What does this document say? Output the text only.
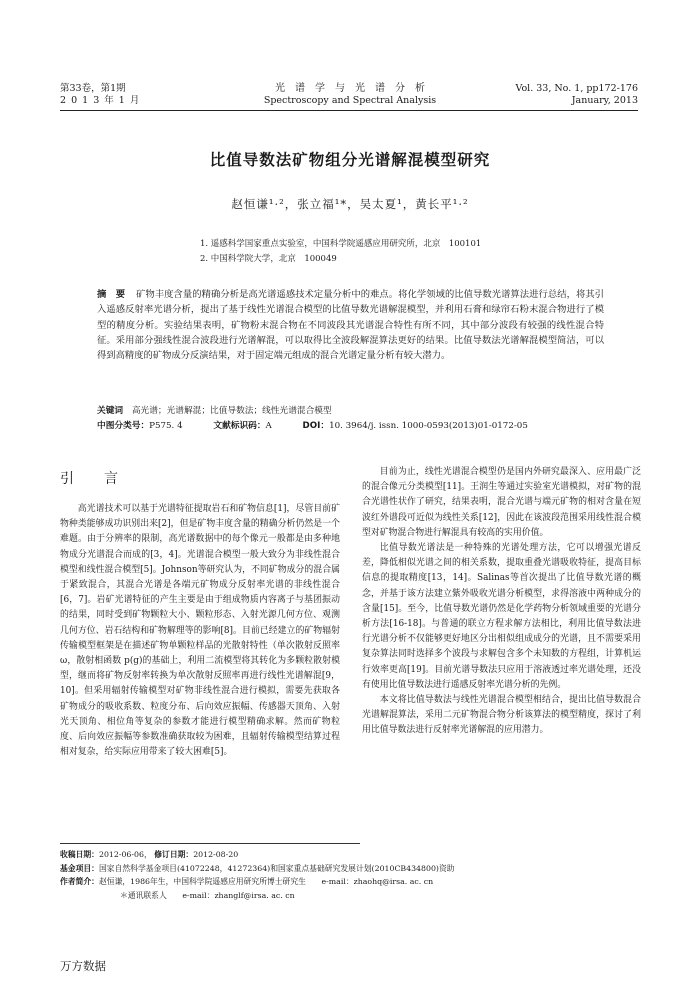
第33卷，第1期
2 0 1 3 年 1 月
光　谱　学　与　光　谱　分　析
Spectroscopy and Spectral Analysis
Vol. 33, No. 1, pp172-176
January, 2013
比值导数法矿物组分光谱解混模型研究
赵恒谦¹·²，张立福¹*，吴太夏¹，黄长平¹·²
1. 遥感科学国家重点实验室，中国科学院遥感应用研究所，北京　100101
2. 中国科学院大学，北京　100049
摘　要 矿物丰度含量的精确分析是高光谱遥感技术定量分析中的难点。将化学领域的比值导数光谱算法进行总结，将其引入遥感反射率光谱分析，提出了基于线性光谱混合模型的比值导数光谱解混模型，并利用石膏和绿帘石粉末混合物进行了模型的精度分析。实验结果表明，矿物粉末混合物在不同波段其光谱混合特性有所不同，其中部分波段有较强的线性混合特征。采用部分强线性混合波段进行光谱解混，可以取得比全波段解混算法更好的结果。比值导数法光谱解混模型简洁，可以得到高精度的矿物成分反演结果，对于固定端元组成的混合光谱定量分析有较大潜力。
关键词 高光谱；光谱解混；比值导数法；线性光谱混合模型
中图分类号：P575. 4	文献标识码：A	DOI：10. 3964/j. issn. 1000-0593(2013)01-0172-05
引　言

高光谱技术可以基于光谱特征提取岩石和矿物信息[1]，尽管目前矿物种类能够成功识别出来[2]，但是矿物丰度含量的精确分析仍然是一个难题。由于分辨率的限制，高光谱数据中的每个像元一般都是由多种地物成分光谱混合而成的[3，4]。光谱混合模型一般大致分为非线性混合模型和线性混合模型[5]。Johnson等研究认为，不同矿物成分的混合属于紧致混合，其混合光谱是各端元矿物成分反射率光谱的非线性混合[6，7]。岩矿光谱特征的产生主要是由于组成物质内容离子与基团振动的结果，同时受到矿物颗粒大小、颗粒形态、入射光源几何方位、观测几何方位、岩石结构和矿物解理等的影响[8]。目前已经建立的矿物辐射传输模型框架是在描述矿物单颗粒样品的光散射特性（单次散射反照率 ω，散射相函数 p(g)的基础上，利用二流模型将其转化为多颗粒散射模型，继而将矿物反射率转换为单次散射反照率再进行线性光谱解混[9，10]。但采用辐射传输模型对矿物非线性混合进行模拟，需要先获取各矿物成分的吸收系数、粒度分布、后向效应振幅、传感器天顶角、入射光天顶角、相位角等复杂的参数才能进行模型精确求解。然而矿物粒度、后向效应振幅等参数准确获取较为困难，且辐射传输模型结算过程相对复杂，给实际应用带来了较大困难[5]。

目前为止，线性光谱混合模型仍是国内外研究最深入、应用最广泛的混合像元分类模型[11]。王润生等通过实验室光谱模拟，对矿物的混合光谱性状作了研究，结果表明，混合光谱与端元矿物的相对含量在短波红外谱段可近似为线性关系[12]，因此在该波段范围采用线性混合模型对矿物混合物进行解混具有较高的实用价值。

比值导数光谱法是一种特殊的光谱处理方法，它可以增强光谱反差，降低相似光谱之间的相关系数，提取重叠光谱吸收特征，提高目标信息的提取精度[13，14]。Salinas等首次提出了比值导数光谱的概念，并基于该方法建立紫外吸收光谱分析模型，求得溶液中两种成分的含量[15]。至今，比值导数光谱仍然是化学药物分析领域重要的光谱分析方法[16-18]。与普通的联立方程求解方法相比，利用比值导数法进行光谱分析不仅能够更好地区分出相似组成成分的光谱，且不需要采用复杂算法同时选择多个波段与求解包含多个未知数的方程组，计算机运行效率更高[19]。目前光谱导数法只应用于溶液透过率光谱处理，还没有使用比值导数法进行遥感反射率光谱分析的先例。

本文将比值导数法与线性光谱混合模型相结合，提出比值导数混合光谱解混算法，采用二元矿物混合物分析该算法的模型精度，探讨了利用比值导数法进行反射率光谱解混的应用潜力。

收稿日期：2012-06-06， 修订日期：2012-08-20
基金项目：国家自然科学基金项目(41072248，41272364)和国家重点基础研究发展计划(2010CB434800)资助
作者简介：赵恒谦，1986年生，中国科学院遥感应用研究所博士研究生　　e-mail：zhaohq@irsa. ac. cn
＊通讯联系人　　e-mail：zhanglf@irsa. ac. cn
万方数据
